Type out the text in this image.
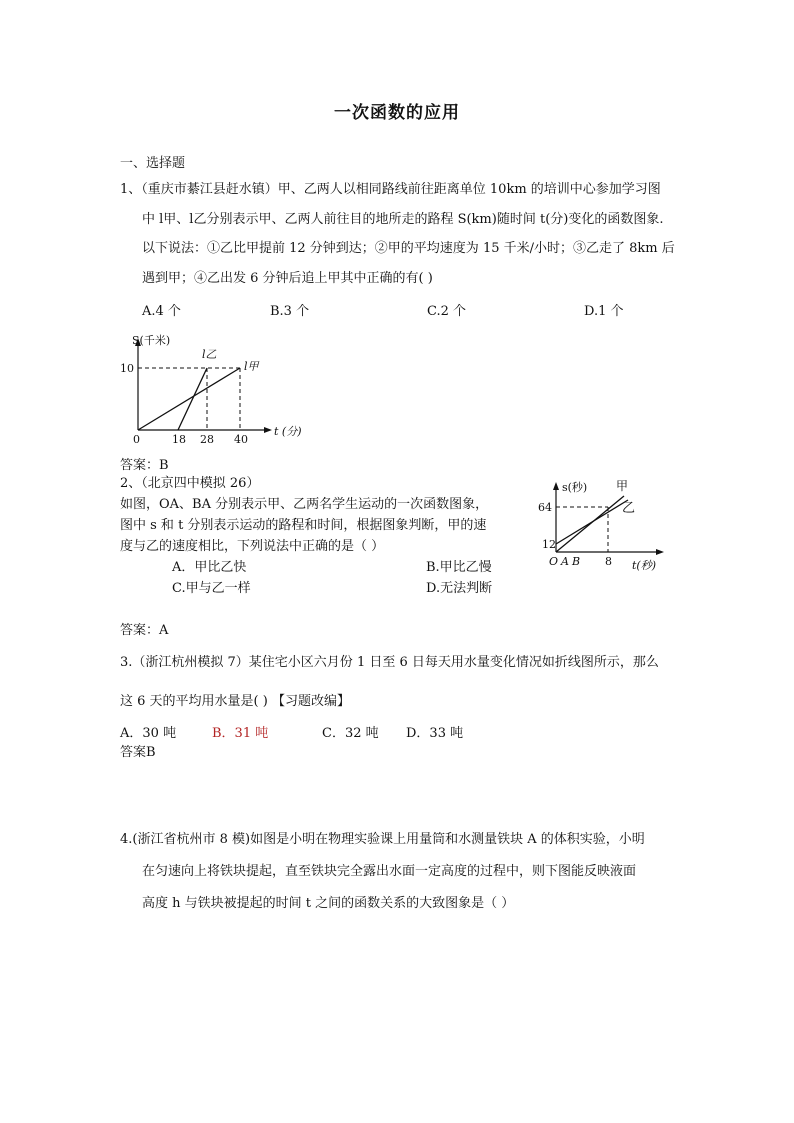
一次函数的应用
一、选择题
1、（重庆市綦江县赶水镇）甲、乙两人以相同路线前往距离单位 10km 的培训中心参加学习图
中 l甲、l乙分别表示甲、乙两人前往目的地所走的路程 S(km)随时间 t(分)变化的函数图象.
以下说法：①乙比甲提前 12 分钟到达；②甲的平均速度为 15 千米/小时；③乙走了 8km 后
遇到甲；④乙出发 6 分钟后追上甲其中正确的有( )
A.4 个	B.3 个	C.2 个	D.1 个
S(千米)
10
l乙
l甲
0	18 28 40
t (分)
答案：B
2、（北京四中模拟 26）
如图，OA、BA 分别表示甲、乙两名学生运动的一次函数图象，
图中 s 和 t 分别表示运动的路程和时间，根据图象判断，甲的速
度与乙的速度相比，下列说法中正确的是（ ）
A．甲比乙快	B.甲比乙慢
C.甲与乙一样	D.无法判断
s(秒) 甲
乙
64
12
O A B 8 t(秒)
答案：A
3.（浙江杭州模拟 7）某住宅小区六月份 1 日至 6 日每天用水量变化情况如折线图所示，那么
这 6 天的平均用水量是( ) 【习题改编】
A．30 吨	B．31 吨	C．32 吨 D．33 吨
答案B
4.(浙江省杭州市 8 模)如图是小明在物理实验课上用量筒和水测量铁块 A 的体积实验，小明
在匀速向上将铁块提起，直至铁块完全露出水面一定高度的过程中，则下图能反映液面
高度 h 与铁块被提起的时间 t 之间的函数关系的大致图象是（ ）
